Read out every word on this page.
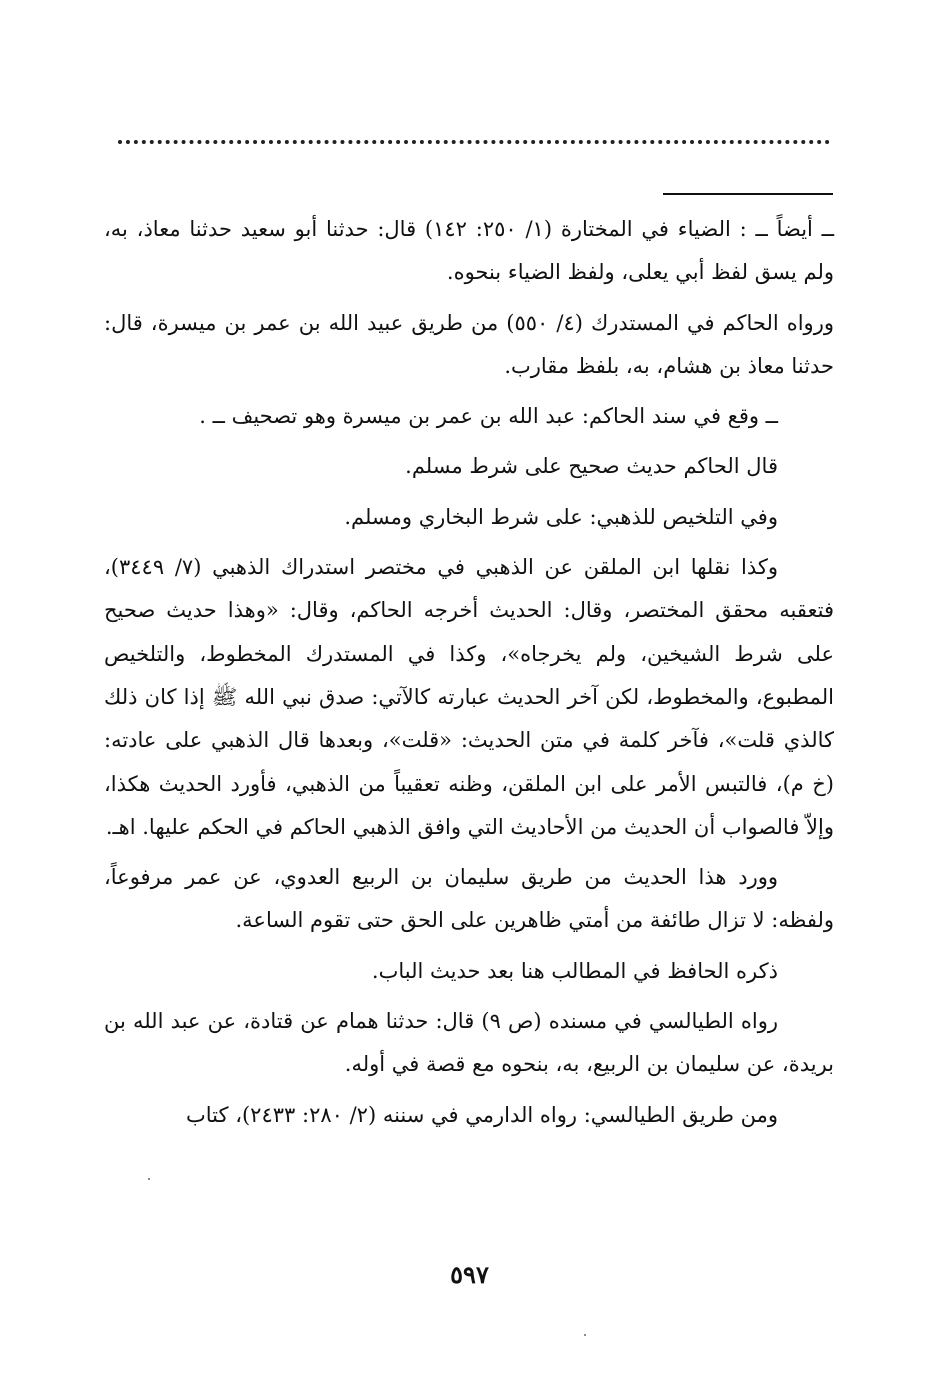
ــ أيضاً ــ : الضياء في المختارة (١/ ٢٥٠: ١٤٢) قال: حدثنا أبو سعيد حدثنا معاذ، به، ولم يسق لفظ أبي يعلى، ولفظ الضياء بنحوه.

ورواه الحاكم في المستدرك (٤/ ٥٥٠) من طريق عبيد الله بن عمر بن ميسرة، قال: حدثنا معاذ بن هشام، به، بلفظ مقارب.

ــ وقع في سند الحاكم: عبد الله بن عمر بن ميسرة وهو تصحيف ــ .

قال الحاكم حديث صحيح على شرط مسلم.

وفي التلخيص للذهبي: على شرط البخاري ومسلم.

وكذا نقلها ابن الملقن عن الذهبي في مختصر استدراك الذهبي (٧/ ٣٤٤٩)، فتعقبه محقق المختصر، وقال: الحديث أخرجه الحاكم، وقال: «وهذا حديث صحيح على شرط الشيخين، ولم يخرجاه»، وكذا في المستدرك المخطوط، والتلخيص المطبوع، والمخطوط، لكن آخر الحديث عبارته كالآتي: صدق نبي الله ﷺ إذا كان ذلك كالذي قلت»، فآخر كلمة في متن الحديث: «قلت»، وبعدها قال الذهبي على عادته: (خ م)، فالتبس الأمر على ابن الملقن، وظنه تعقيباً من الذهبي، فأورد الحديث هكذا، وإلاّ فالصواب أن الحديث من الأحاديث التي وافق الذهبي الحاكم في الحكم عليها. اهـ.

وورد هذا الحديث من طريق سليمان بن الربيع العدوي، عن عمر مرفوعاً، ولفظه: لا تزال طائفة من أمتي ظاهرين على الحق حتى تقوم الساعة.

ذكره الحافظ في المطالب هنا بعد حديث الباب.

رواه الطيالسي في مسنده (ص ٩) قال: حدثنا همام عن قتادة، عن عبد الله بن بريدة، عن سليمان بن الربيع، به، بنحوه مع قصة في أوله.

ومن طريق الطيالسي: رواه الدارمي في سننه (٢/ ٢٨٠: ٢٤٣٣)، كتاب

٥٩٧
